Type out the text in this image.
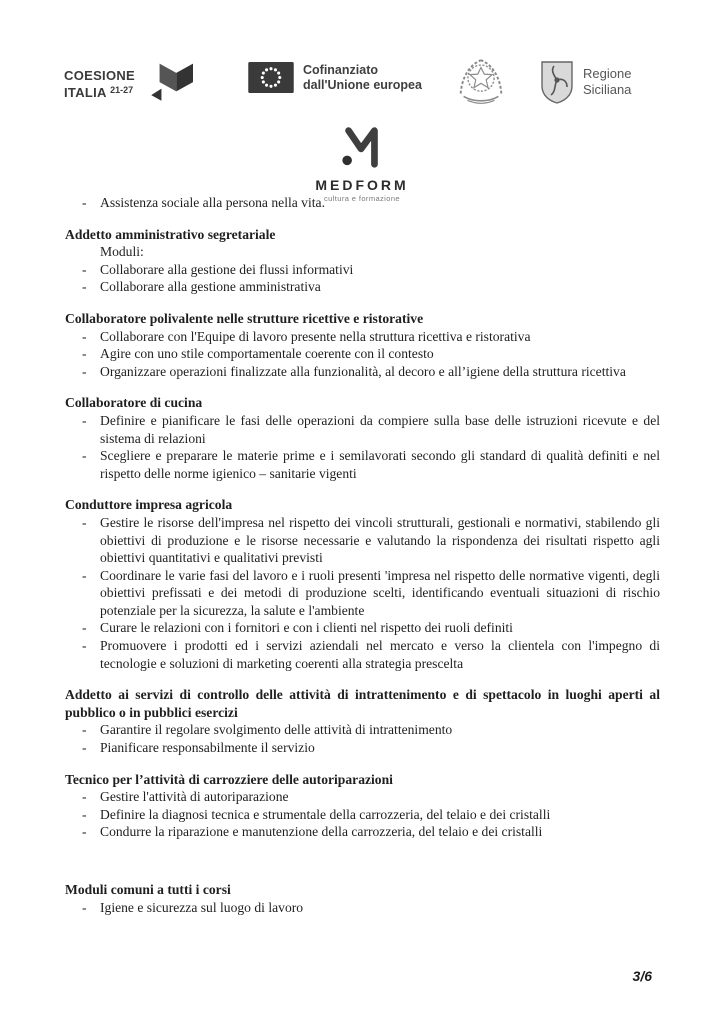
COESIONE
ITALIA $^{21-27}$
Cofinanziato
dall'Unione europea
Regione
Siciliana
MEDFORM
cultura e formazione
- Assistenza sociale alla persona nella vita.
Addetto amministrativo segretariale
Moduli:
- Collaborare alla gestione dei flussi informativi
- Collaborare alla gestione amministrativa
Collaboratore polivalente nelle strutture ricettive e ristorative
- Collaborare con l'Equipe di lavoro presente nella struttura ricettiva e ristorativa
- Agire con uno stile comportamentale coerente con il contesto
- Organizzare operazioni finalizzate alla funzionalità, al decoro e all’igiene della struttura ricettiva
Collaboratore di cucina
- Definire e pianificare le fasi delle operazioni da compiere sulla base delle istruzioni ricevute e del sistema di relazioni
- Scegliere e preparare le materie prime e i semilavorati secondo gli standard di qualità definiti e nel rispetto delle norme igienico – sanitarie vigenti
Conduttore impresa agricola
- Gestire le risorse dell'impresa nel rispetto dei vincoli strutturali, gestionali e normativi, stabilendo gli obiettivi di produzione e le risorse necessarie e valutando la rispondenza dei risultati rispetto agli obiettivi quantitativi e qualitativi previsti
- Coordinare le varie fasi del lavoro e i ruoli presenti 'impresa nel rispetto delle normative vigenti, degli obiettivi prefissati e dei metodi di produzione scelti, identificando eventuali situazioni di rischio potenziale per la sicurezza, la salute e l'ambiente
- Curare le relazioni con i fornitori e con i clienti nel rispetto dei ruoli definiti
- Promuovere i prodotti ed i servizi aziendali nel mercato e verso la clientela con l'impegno di tecnologie e soluzioni di marketing coerenti alla strategia prescelta
Addetto ai servizi di controllo delle attività di intrattenimento e di spettacolo in luoghi aperti al pubblico o in pubblici esercizi
- Garantire il regolare svolgimento delle attività di intrattenimento
- Pianificare responsabilmente il servizio
Tecnico per l’attività di carrozziere delle autoriparazioni
- Gestire l'attività di autoriparazione
- Definire la diagnosi tecnica e strumentale della carrozzeria, del telaio e dei cristalli
- Condurre la riparazione e manutenzione della carrozzeria, del telaio e dei cristalli
Moduli comuni a tutti i corsi
- Igiene e sicurezza sul luogo di lavoro
3/6
